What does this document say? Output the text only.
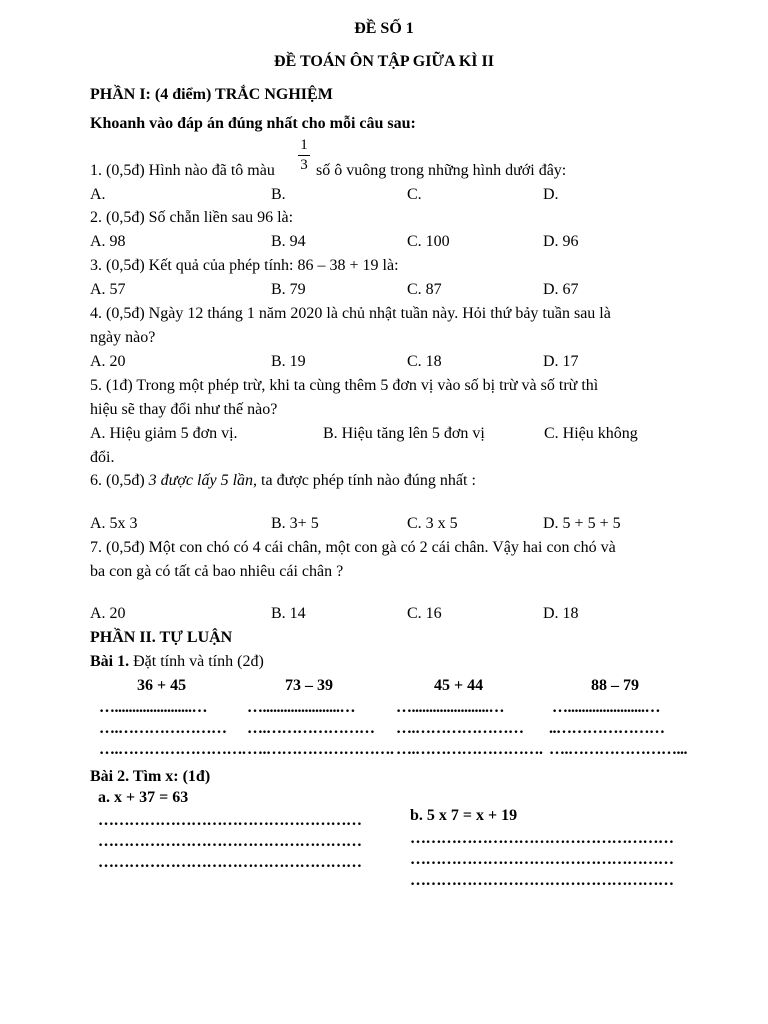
ĐỀ SỐ 1
ĐỀ TOÁN ÔN TẬP GIỮA KÌ II
PHẦN I: (4 điểm) TRẮC NGHIỆM
Khoanh vào đáp án đúng nhất cho mỗi câu sau:
1
3
1. (0,5đ) Hình nào đã tô màu	số ô vuông trong những hình dưới đây:
A.	B.	C.	D.
2. (0,5đ) Số chẵn liền sau 96 là:
A. 98	B. 94	C. 100	D. 96
3. (0,5đ) Kết quả của phép tính: 86 – 38 + 19 là:
A. 57	B. 79	C. 87	D. 67
4. (0,5đ) Ngày 12 tháng 1 năm 2020 là chủ nhật tuần này. Hỏi thứ bảy tuần sau là
ngày nào?
A. 20	B. 19	C. 18	D. 17
5. (1đ) Trong một phép trừ, khi ta cùng thêm 5 đơn vị vào số bị trừ và số trừ thì
hiệu sẽ thay đổi như thế nào?
A. Hiệu giảm 5 đơn vị.	B. Hiệu tăng lên 5 đơn vị	C. Hiệu không
đổi.
6. (0,5đ) 3 được lấy 5 lần, ta được phép tính nào đúng nhất :
A. 5x 3	B. 3+ 5	C. 3 x 5	D. 5 + 5 + 5
7. (0,5đ) Một con chó có 4 cái chân, một con gà có 2 cái chân. Vậy hai con chó và
ba con gà có tất cả bao nhiêu cái chân ?
A. 20	B. 14	C. 16	D. 18
PHẦN II. TỰ LUẬN
Bài 1. Đặt tính và tính (2đ)
36 + 45	73 – 39	45 + 44	88 – 79
…......................…	…......................…	…......................…	…......................…
….………………… ….………………… ….………………… ..…………………
….……………………. ….……………………. ….……………………. ….…………………...
Bài 2. Tìm x: (1đ)
a. x + 37 = 63
……………………………………………
……………………………………………
……………………………………………
b. 5 x 7 = x + 19
……………………………………………
……………………………………………
……………………………………………
